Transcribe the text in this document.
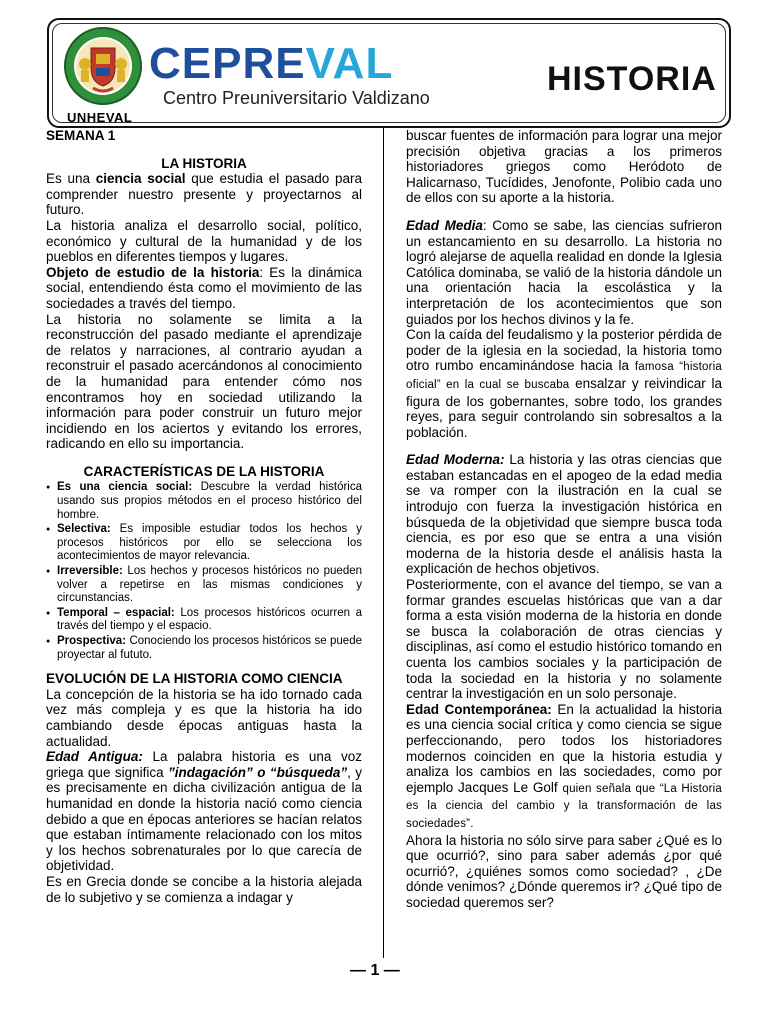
UNHEVAL
CEPREVAL
Centro Preuniversitario Valdizano	HISTORIA

SEMANA 1

LA HISTORIA

Es una ciencia social que estudia el pasado para comprender nuestro presente y proyectarnos al futuro.

La historia analiza el desarrollo social, político, económico y cultural de la humanidad y de los pueblos en diferentes tiempos y lugares.

Objeto de estudio de la historia: Es la dinámica social, entendiendo ésta como el movimiento de las sociedades a través del tiempo.

La historia no solamente se limita a la reconstrucción del pasado mediante el aprendizaje de relatos y narraciones, al contrario ayudan a reconstruir el pasado acercándonos al conocimiento de la humanidad para entender cómo nos encontramos hoy en sociedad utilizando la información para poder construir un futuro mejor incidiendo en los aciertos y evitando los errores, radicando en ello su importancia.

CARACTERÍSTICAS DE LA HISTORIA

● Es una ciencia social: Descubre la verdad histórica usando sus propios métodos en el proceso histórico del hombre.
● Selectiva: Es imposible estudiar todos los hechos y procesos históricos por ello se selecciona los acontecimientos de mayor relevancia.
● Irreversible: Los hechos y procesos históricos no pueden volver a repetirse en las mismas condiciones y circunstancias.
● Temporal – espacial: Los procesos históricos ocurren a través del tiempo y el espacio.
● Prospectiva: Conociendo los procesos históricos se puede proyectar al fututo.

EVOLUCIÓN DE LA HISTORIA COMO CIENCIA

La concepción de la historia se ha ido tornado cada vez más compleja y es que la historia ha ido cambiando desde épocas antiguas hasta la actualidad.

Edad Antigua: La palabra historia es una voz griega que significa ”indagación” o “búsqueda”, y es precisamente en dicha civilización antigua de la humanidad en donde la historia nació como ciencia debido a que en épocas anteriores se hacían relatos que estaban íntimamente relacionado con los mitos y los hechos sobrenaturales por lo que carecía de objetividad.

Es en Grecia donde se concibe a la historia alejada de lo subjetivo y se comienza a indagar y

buscar fuentes de información para lograr una mejor precisión objetiva gracias a los primeros historiadores griegos como Heródoto de Halicarnaso, Tucídides, Jenofonte, Polibio cada uno de ellos con su aporte a la historia.

Edad Media: Como se sabe, las ciencias sufrieron un estancamiento en su desarrollo. La historia no logró alejarse de aquella realidad en donde la Iglesia Católica dominaba, se valió de la historia dándole un una orientación hacia la escolástica y la interpretación de los acontecimientos que son guiados por los hechos divinos y la fe.

Con la caída del feudalismo y la posterior pérdida de poder de la iglesia en la sociedad, la historia tomo otro rumbo encaminándose hacia la famosa “historia oficial” en la cual se buscaba ensalzar y reivindicar la figura de los gobernantes, sobre todo, los grandes reyes, para seguir controlando sin sobresaltos a la población.

Edad Moderna: La historia y las otras ciencias que estaban estancadas en el apogeo de la edad media se va romper con la ilustración en la cual se introdujo con fuerza la investigación histórica en búsqueda de la objetividad que siempre busca toda ciencia, es por eso que se entra a una visión moderna de la historia desde el análisis hasta la explicación de hechos objetivos.

Posteriormente, con el avance del tiempo, se van a formar grandes escuelas históricas que van a dar forma a esta visión moderna de la historia en donde se busca la colaboración de otras ciencias y disciplinas, así como el estudio histórico tomando en cuenta los cambios sociales y la participación de toda la sociedad en la historia y no solamente centrar la investigación en un solo personaje.

Edad Contemporánea: En la actualidad la historia es una ciencia social crítica y como ciencia se sigue perfeccionando, pero todos los historiadores modernos coinciden en que la historia estudia y analiza los cambios en las sociedades, como por ejemplo Jacques Le Golf quien señala que “La Historia es la ciencia del cambio y la transformación de las sociedades”.

Ahora la historia no sólo sirve para saber ¿Qué es lo que ocurrió?, sino para saber además ¿por qué ocurrió?, ¿quiénes somos como sociedad? , ¿De dónde venimos? ¿Dónde queremos ir? ¿Qué tipo de sociedad queremos ser?

— 1 —
